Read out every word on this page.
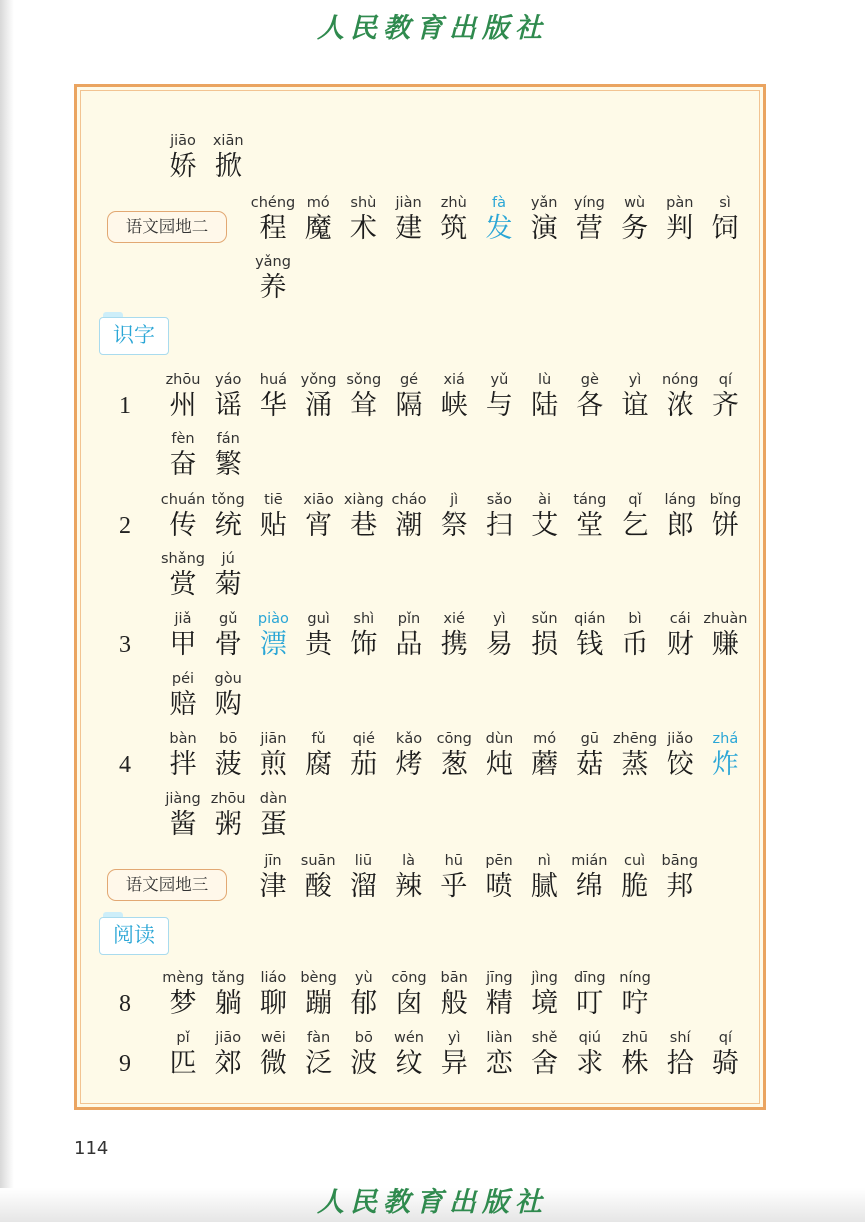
人民教育出版社
jiāo
娇
xiān
掀
语文园地二
chéng
程
mó
魔
shù
术
jiàn
建
zhù
筑
fà
发
yǎn
演
yíng
营
wù
务
pàn
判
sì
饲
yǎng
养
识字
1
zhōu
州
yáo
谣
huá
华
yǒng
涌
sǒng
耸
gé
隔
xiá
峡
yǔ
与
lù
陆
gè
各
yì
谊
nóng
浓
qí
齐
fèn
奋
fán
繁
2
chuán
传
tǒng
统
tiē
贴
xiāo
宵
xiàng
巷
cháo
潮
jì
祭
sǎo
扫
ài
艾
táng
堂
qǐ
乞
láng
郎
bǐng
饼
shǎng
赏
jú
菊
3
jiǎ
甲
gǔ
骨
piào
漂
guì
贵
shì
饰
pǐn
品
xié
携
yì
易
sǔn
损
qián
钱
bì
币
cái
财
zhuàn
赚
péi
赔
gòu
购
4
bàn
拌
bō
菠
jiān
煎
fǔ
腐
qié
茄
kǎo
烤
cōng
葱
dùn
炖
mó
蘑
gū
菇
zhēng
蒸
jiǎo
饺
zhá
炸
jiàng
酱
zhōu
粥
dàn
蛋
语文园地三
jīn
津
suān
酸
liū
溜
là
辣
hū
乎
pēn
喷
nì
腻
mián
绵
cuì
脆
bāng
邦
阅读
8
mèng
梦
tǎng
躺
liáo
聊
bèng
蹦
yù
郁
cōng
囱
bān
般
jīng
精
jìng
境
dīng
叮
níng
咛
9
pǐ
匹
jiāo
郊
wēi
微
fàn
泛
bō
波
wén
纹
yì
异
liàn
恋
shě
舍
qiú
求
zhū
株
shí
拾
qí
骑
114
人民教育出版社
